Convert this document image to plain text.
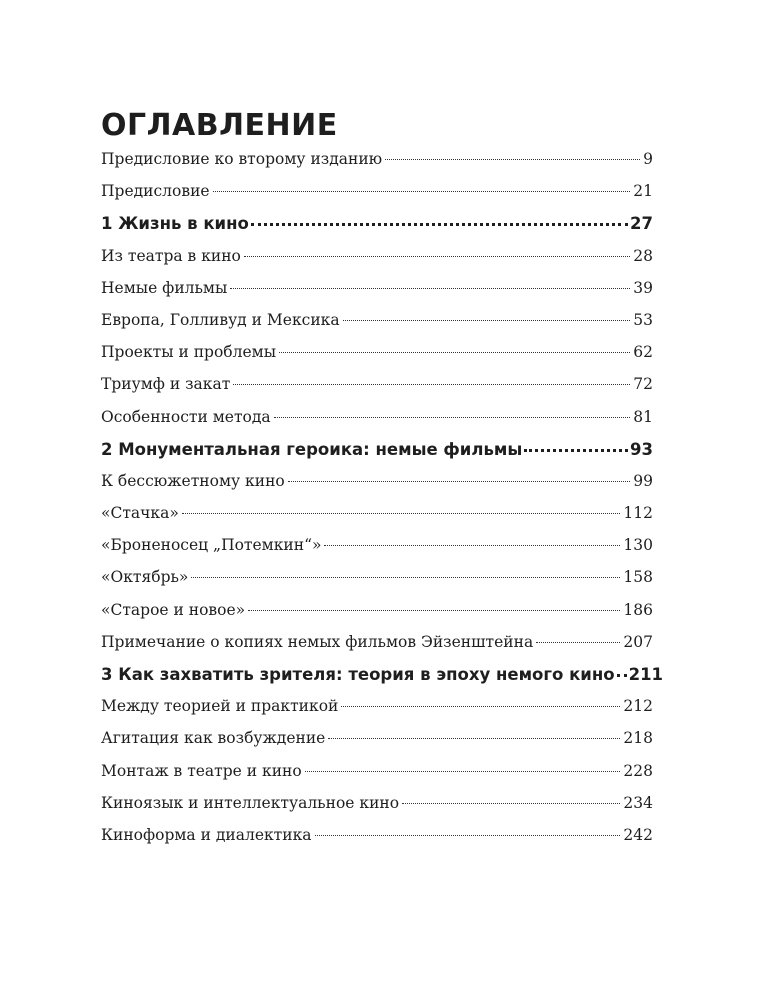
ОГЛАВЛЕНИЕ
Предисловие ко второму изданию	9
Предисловие	21
1 Жизнь в кино	27
Из театра в кино	28
Немые фильмы	39
Европа, Голливуд и Мексика	53
Проекты и проблемы	62
Триумф и закат	72
Особенности метода	81
2 Монументальная героика: немые фильмы	93
К бессюжетному кино	99
«Стачка»	112
«Броненосец „Потемкин“»	130
«Октябрь»	158
«Старое и новое»	186
Примечание о копиях немых фильмов Эйзенштейна	207
3 Как захватить зрителя: теория в эпоху немого кино 211
Между теорией и практикой	212
Агитация как возбуждение	218
Монтаж в театре и кино	228
Киноязык и интеллектуальное кино	234
Киноформа и диалектика	242
